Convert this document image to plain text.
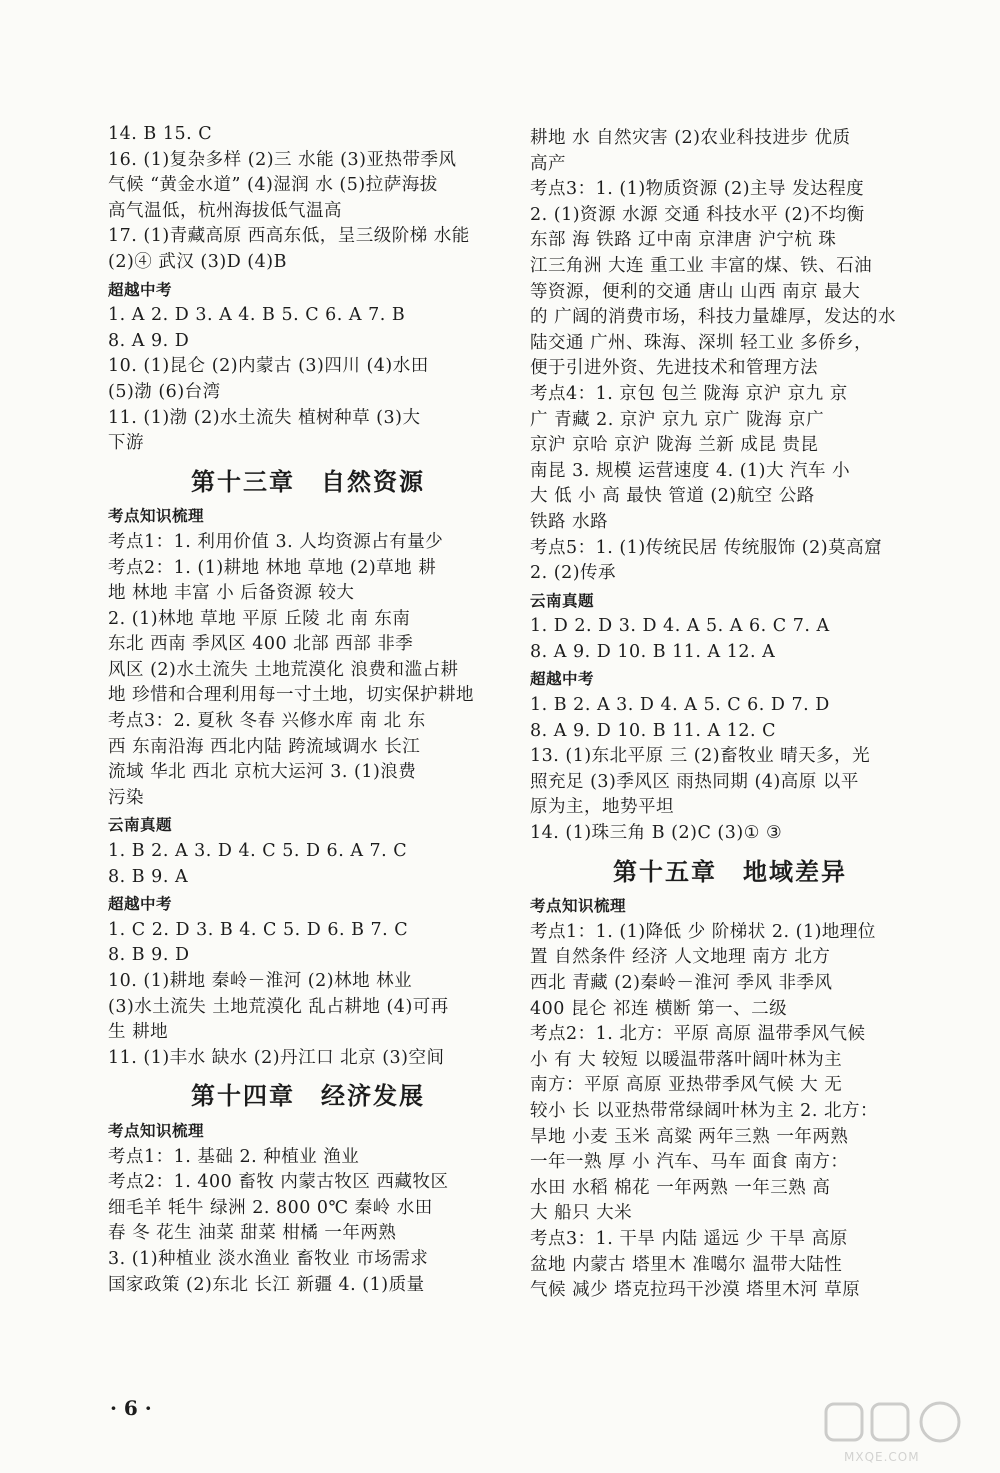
14. B 15. C
16. (1)复杂多样 (2)三 水能 (3)亚热带季风
气候 “黄金水道” (4)湿润 水 (5)拉萨海拔
高气温低，杭州海拔低气温高
17. (1)青藏高原 西高东低，呈三级阶梯 水能
(2)④ 武汉 (3)D (4)B
超越中考
1. A 2. D 3. A 4. B 5. C 6. A 7. B
8. A 9. D
10. (1)昆仑 (2)内蒙古 (3)四川 (4)水田
(5)渤 (6)台湾
11. (1)渤 (2)水土流失 植树种草 (3)大
下游
第十三章　自然资源
考点知识梳理
考点1：1. 利用价值 3. 人均资源占有量少
考点2：1. (1)耕地 林地 草地 (2)草地 耕
地 林地 丰富 小 后备资源 较大
2. (1)林地 草地 平原 丘陵 北 南 东南
东北 西南 季风区 400 北部 西部 非季
风区 (2)水土流失 土地荒漠化 浪费和滥占耕
地 珍惜和合理利用每一寸土地，切实保护耕地
考点3：2. 夏秋 冬春 兴修水库 南 北 东
西 东南沿海 西北内陆 跨流域调水 长江
流域 华北 西北 京杭大运河 3. (1)浪费
污染
云南真题
1. B 2. A 3. D 4. C 5. D 6. A 7. C
8. B 9. A
超越中考
1. C 2. D 3. B 4. C 5. D 6. B 7. C
8. B 9. D
10. (1)耕地 秦岭－淮河 (2)林地 林业
(3)水土流失 土地荒漠化 乱占耕地 (4)可再
生 耕地
11. (1)丰水 缺水 (2)丹江口 北京 (3)空间
第十四章　经济发展
考点知识梳理
考点1：1. 基础 2. 种植业 渔业
考点2：1. 400 畜牧 内蒙古牧区 西藏牧区
细毛羊 牦牛 绿洲 2. 800 0℃ 秦岭 水田
春 冬 花生 油菜 甜菜 柑橘 一年两熟
3. (1)种植业 淡水渔业 畜牧业 市场需求
国家政策 (2)东北 长江 新疆 4. (1)质量
耕地 水 自然灾害 (2)农业科技进步 优质
高产
考点3：1. (1)物质资源 (2)主导 发达程度
2. (1)资源 水源 交通 科技水平 (2)不均衡
东部 海 铁路 辽中南 京津唐 沪宁杭 珠
江三角洲 大连 重工业 丰富的煤、铁、石油
等资源，便利的交通 唐山 山西 南京 最大
的 广阔的消费市场，科技力量雄厚，发达的水
陆交通 广州、珠海、深圳 轻工业 多侨乡，
便于引进外资、先进技术和管理方法
考点4：1. 京包 包兰 陇海 京沪 京九 京
广 青藏 2. 京沪 京九 京广 陇海 京广
京沪 京哈 京沪 陇海 兰新 成昆 贵昆
南昆 3. 规模 运营速度 4. (1)大 汽车 小
大 低 小 高 最快 管道 (2)航空 公路
铁路 水路
考点5：1. (1)传统民居 传统服饰 (2)莫高窟
2. (2)传承
云南真题
1. D 2. D 3. D 4. A 5. A 6. C 7. A
8. A 9. D 10. B 11. A 12. A
超越中考
1. B 2. A 3. D 4. A 5. C 6. D 7. D
8. A 9. D 10. B 11. A 12. C
13. (1)东北平原 三 (2)畜牧业 晴天多，光
照充足 (3)季风区 雨热同期 (4)高原 以平
原为主，地势平坦
14. (1)珠三角 B (2)C (3)① ③
第十五章　地域差异
考点知识梳理
考点1：1. (1)降低 少 阶梯状 2. (1)地理位
置 自然条件 经济 人文地理 南方 北方
西北 青藏 (2)秦岭－淮河 季风 非季风
400 昆仑 祁连 横断 第一、二级
考点2：1. 北方：平原 高原 温带季风气候
小 有 大 较短 以暖温带落叶阔叶林为主
南方：平原 高原 亚热带季风气候 大 无
较小 长 以亚热带常绿阔叶林为主 2. 北方：
旱地 小麦 玉米 高粱 两年三熟 一年两熟
一年一熟 厚 小 汽车、马车 面食 南方：
水田 水稻 棉花 一年两熟 一年三熟 高
大 船只 大米
考点3：1. 干旱 内陆 遥远 少 干旱 高原
盆地 内蒙古 塔里木 准噶尔 温带大陆性
气候 减少 塔克拉玛干沙漠 塔里木河 草原
· 6 ·
MXQE.COM
